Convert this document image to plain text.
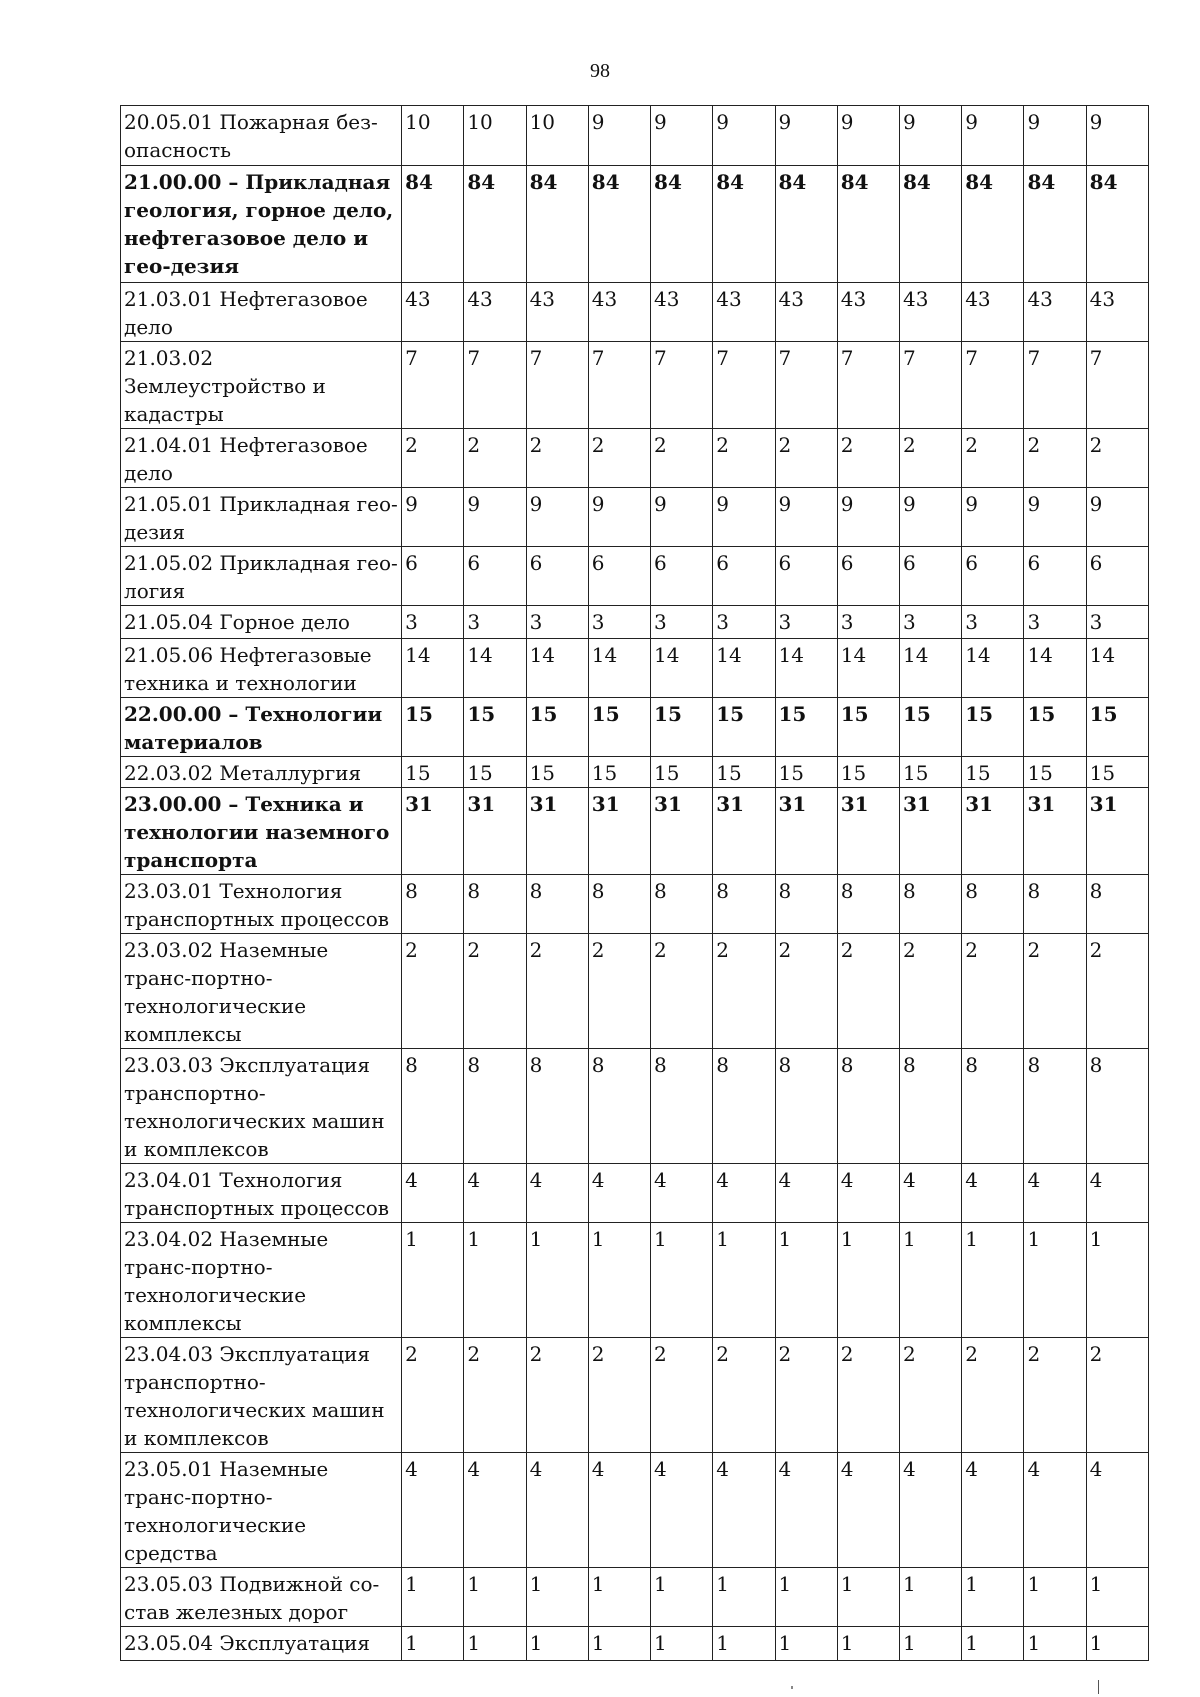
98
20.05.01 Пожарная без-опасность	10	10	10	9	9	9	9	9	9	9	9	9
21.00.00 – Прикладная геология, горное дело, нефтегазовое дело и гео-дезия	84	84	84	84	84	84	84	84	84	84	84	84
21.03.01 Нефтегазовое дело	43	43	43	43	43	43	43	43	43	43	43	43
21.03.02 Землеустройство и кадастры	7	7	7	7	7	7	7	7	7	7	7	7
21.04.01 Нефтегазовое дело	2	2	2	2	2	2	2	2	2	2	2	2
21.05.01 Прикладная гео-дезия	9	9	9	9	9	9	9	9	9	9	9	9
21.05.02 Прикладная гео-логия	6	6	6	6	6	6	6	6	6	6	6	6
21.05.04 Горное дело	3	3	3	3	3	3	3	3	3	3	3	3
21.05.06 Нефтегазовые техника и технологии	14	14	14	14	14	14	14	14	14	14	14	14
22.00.00 – Технологии материалов	15	15	15	15	15	15	15	15	15	15	15	15
22.03.02 Металлургия	15	15	15	15	15	15	15	15	15	15	15	15
23.00.00 – Техника и технологии наземного транспорта	31	31	31	31	31	31	31	31	31	31	31	31
23.03.01 Технология транспортных процессов	8	8	8	8	8	8	8	8	8	8	8	8
23.03.02 Наземные транс-портно-технологические комплексы	2	2	2	2	2	2	2	2	2	2	2	2
23.03.03 Эксплуатация транспортно-технологических машин и комплексов	8	8	8	8	8	8	8	8	8	8	8	8
23.04.01 Технология транспортных процессов	4	4	4	4	4	4	4	4	4	4	4	4
23.04.02 Наземные транс-портно-технологические комплексы	1	1	1	1	1	1	1	1	1	1	1	1
23.04.03 Эксплуатация транспортно-технологических машин и комплексов	2	2	2	2	2	2	2	2	2	2	2	2
23.05.01 Наземные транс-портно-технологические средства	4	4	4	4	4	4	4	4	4	4	4	4
23.05.03 Подвижной со-став железных дорог	1	1	1	1	1	1	1	1	1	1	1	1
23.05.04 Эксплуатация	1	1	1	1	1	1	1	1	1	1	1	1
